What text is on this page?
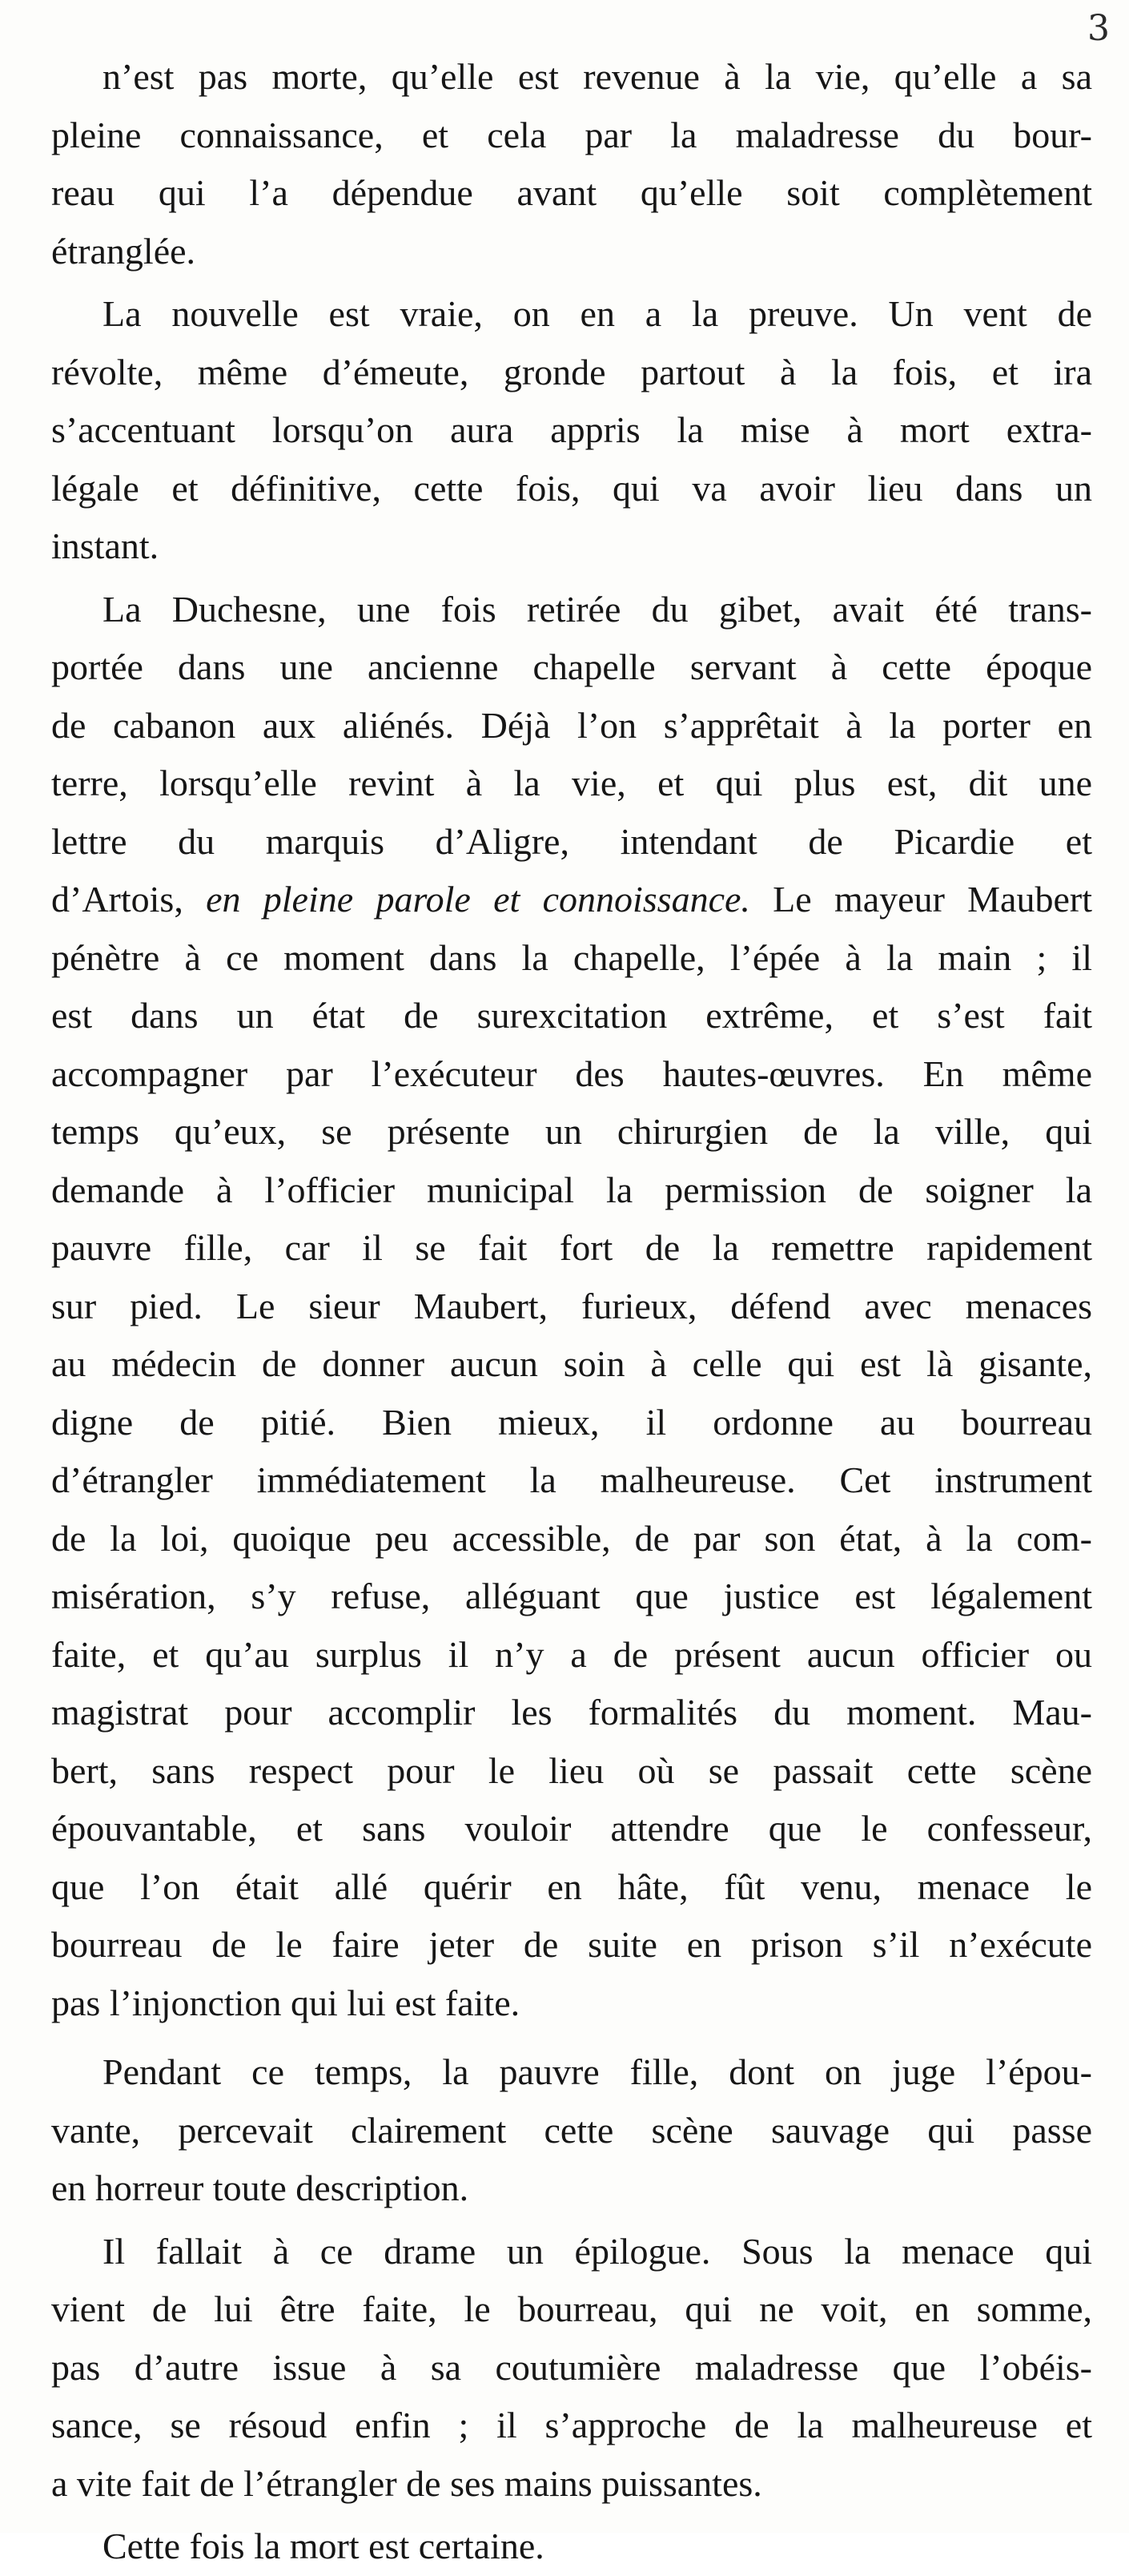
3
n’est pas morte, qu’elle est revenue à la vie, qu’elle a sa
pleine connaissance, et cela par la maladresse du bour-
reau qui l’a dépendue avant qu’elle soit complètement
étranglée.
La nouvelle est vraie, on en a la preuve. Un vent de
révolte, même d’émeute, gronde partout à la fois, et ira
s’accentuant lorsqu’on aura appris la mise à mort extra-
légale et définitive, cette fois, qui va avoir lieu dans un
instant.
La Duchesne, une fois retirée du gibet, avait été trans-
portée dans une ancienne chapelle servant à cette époque
de cabanon aux aliénés. Déjà l’on s’apprêtait à la porter en
terre, lorsqu’elle revint à la vie, et qui plus est, dit une
lettre du marquis d’Aligre, intendant de Picardie et
d’Artois, en pleine parole et connoissance. Le mayeur Maubert
pénètre à ce moment dans la chapelle, l’épée à la main ; il
est dans un état de surexcitation extrême, et s’est fait
accompagner par l’exécuteur des hautes-œuvres. En même
temps qu’eux, se présente un chirurgien de la ville, qui
demande à l’officier municipal la permission de soigner la
pauvre fille, car il se fait fort de la remettre rapidement
sur pied. Le sieur Maubert, furieux, défend avec menaces
au médecin de donner aucun soin à celle qui est là gisante,
digne de pitié. Bien mieux, il ordonne au bourreau
d’étrangler immédiatement la malheureuse. Cet instrument
de la loi, quoique peu accessible, de par son état, à la com-
misération, s’y refuse, alléguant que justice est légalement
faite, et qu’au surplus il n’y a de présent aucun officier ou
magistrat pour accomplir les formalités du moment. Mau-
bert, sans respect pour le lieu où se passait cette scène
épouvantable, et sans vouloir attendre que le confesseur,
que l’on était allé quérir en hâte, fût venu, menace le
bourreau de le faire jeter de suite en prison s’il n’exécute
pas l’injonction qui lui est faite.
Pendant ce temps, la pauvre fille, dont on juge l’épou-
vante, percevait clairement cette scène sauvage qui passe
en horreur toute description.
Il fallait à ce drame un épilogue. Sous la menace qui
vient de lui être faite, le bourreau, qui ne voit, en somme,
pas d’autre issue à sa coutumière maladresse que l’obéis-
sance, se résoud enfin ; il s’approche de la malheureuse et
a vite fait de l’étrangler de ses mains puissantes.
Cette fois la mort est certaine.
